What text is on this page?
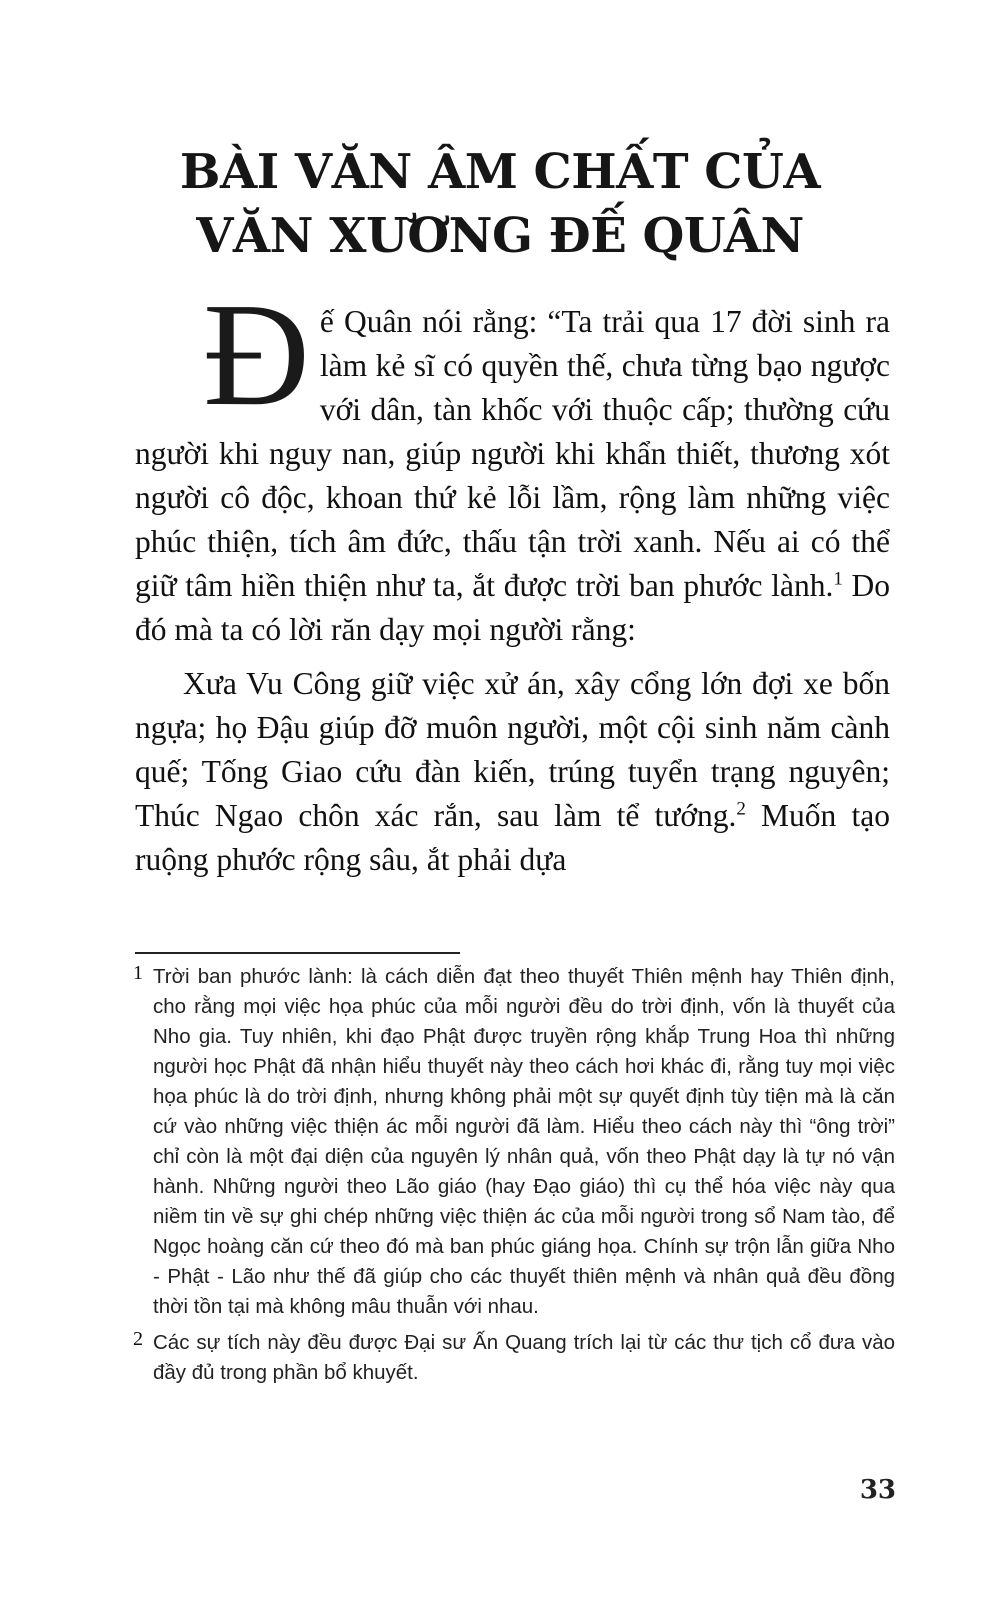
BÀI VĂN ÂM CHẤT CỦA
VĂN XƯƠNG ĐẾ QUÂN

Đế Quân nói rằng: “Ta trải qua 17 đời sinh ra làm kẻ sĩ có quyền thế, chưa từng bạo ngược với dân, tàn khốc với thuộc cấp; thường cứu người khi nguy nan, giúp người khi khẩn thiết, thương xót người cô độc, khoan thứ kẻ lỗi lầm, rộng làm những việc phúc thiện, tích âm đức, thấu tận trời xanh. Nếu ai có thể giữ tâm hiền thiện như ta, ắt được trời ban phước lành.$^1$ Do đó mà ta có lời răn dạy mọi người rằng:

Xưa Vu Công giữ việc xử án, xây cổng lớn đợi xe bốn ngựa; họ Đậu giúp đỡ muôn người, một cội sinh năm cành quế; Tống Giao cứu đàn kiến, trúng tuyển trạng nguyên; Thúc Ngao chôn xác rắn, sau làm tể tướng.$^2$ Muốn tạo ruộng phước rộng sâu, ắt phải dựa

1 Trời ban phước lành: là cách diễn đạt theo thuyết Thiên mệnh hay Thiên định, cho rằng mọi việc họa phúc của mỗi người đều do trời định, vốn là thuyết của Nho gia. Tuy nhiên, khi đạo Phật được truyền rộng khắp Trung Hoa thì những người học Phật đã nhận hiểu thuyết này theo cách hơi khác đi, rằng tuy mọi việc họa phúc là do trời định, nhưng không phải một sự quyết định tùy tiện mà là căn cứ vào những việc thiện ác mỗi người đã làm. Hiểu theo cách này thì “ông trời” chỉ còn là một đại diện của nguyên lý nhân quả, vốn theo Phật dạy là tự nó vận hành. Những người theo Lão giáo (hay Đạo giáo) thì cụ thể hóa việc này qua niềm tin về sự ghi chép những việc thiện ác của mỗi người trong sổ Nam tào, để Ngọc hoàng căn cứ theo đó mà ban phúc giáng họa. Chính sự trộn lẫn giữa Nho - Phật - Lão như thế đã giúp cho các thuyết thiên mệnh và nhân quả đều đồng thời tồn tại mà không mâu thuẫn với nhau.

2 Các sự tích này đều được Đại sư Ấn Quang trích lại từ các thư tịch cổ đưa vào đầy đủ trong phần bổ khuyết.

33
